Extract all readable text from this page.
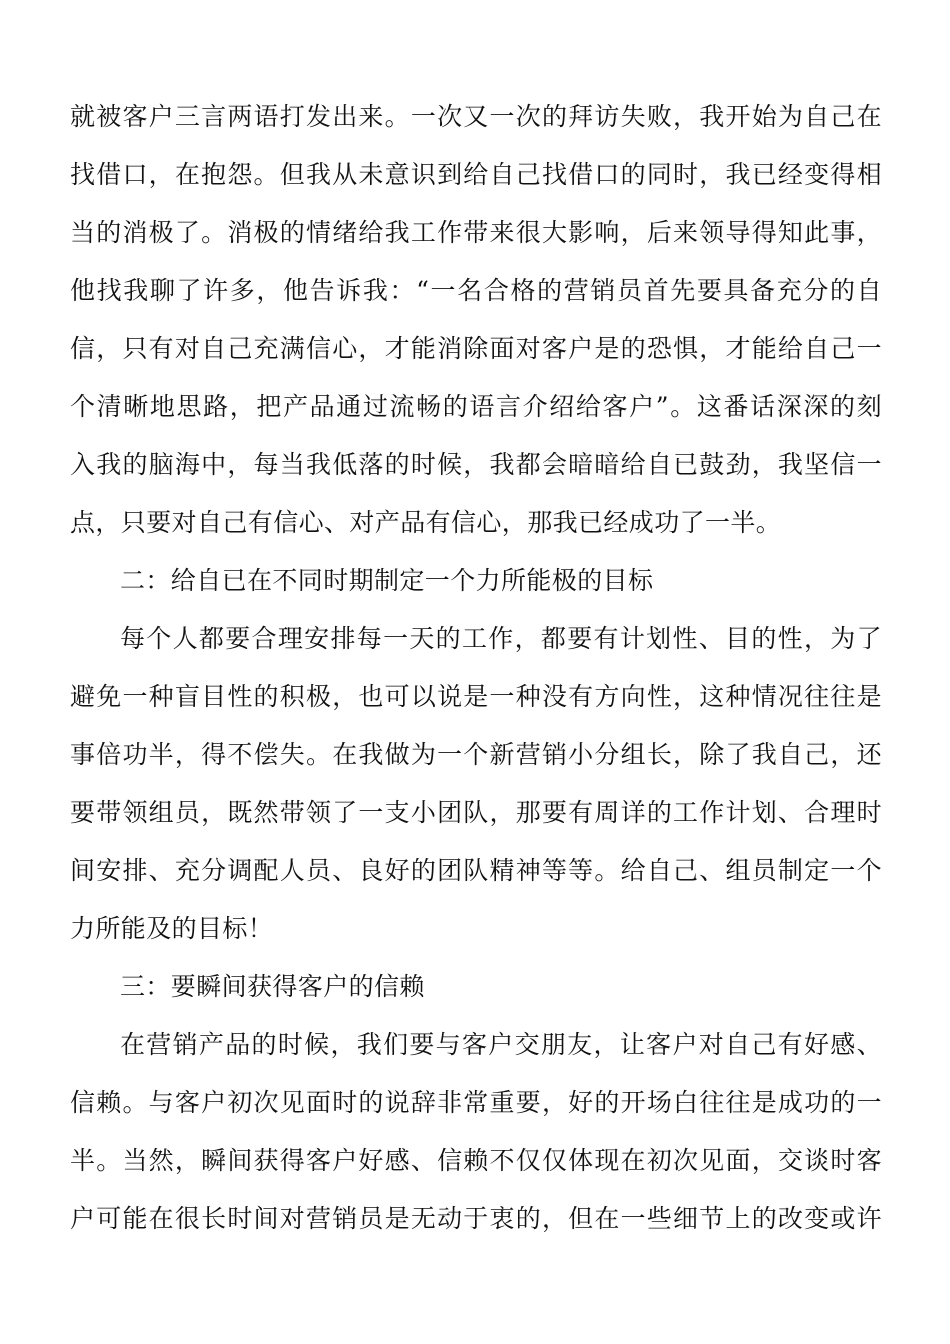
就被客户三言两语打发出来。一次又一次的拜访失败，我开始为自己在
找借口，在抱怨。但我从未意识到给自己找借口的同时，我已经变得相
当的消极了。消极的情绪给我工作带来很大影响，后来领导得知此事，
他找我聊了许多，他告诉我：“一名合格的营销员首先要具备充分的自
信，只有对自己充满信心，才能消除面对客户是的恐惧，才能给自己一
个清晰地思路，把产品通过流畅的语言介绍给客户”。这番话深深的刻
入我的脑海中，每当我低落的时候，我都会暗暗给自已鼓劲，我坚信一
点，只要对自己有信心、对产品有信心，那我已经成功了一半。
二：给自已在不同时期制定一个力所能极的目标
每个人都要合理安排每一天的工作，都要有计划性、目的性，为了
避免一种盲目性的积极，也可以说是一种没有方向性，这种情况往往是
事倍功半，得不偿失。在我做为一个新营销小分组长，除了我自己，还
要带领组员，既然带领了一支小团队，那要有周详的工作计划、合理时
间安排、充分调配人员、良好的团队精神等等。给自己、组员制定一个
力所能及的目标！
三：要瞬间获得客户的信赖
在营销产品的时候，我们要与客户交朋友，让客户对自己有好感、
信赖。与客户初次见面时的说辞非常重要，好的开场白往往是成功的一
半。当然，瞬间获得客户好感、信赖不仅仅体现在初次见面，交谈时客
户可能在很长时间对营销员是无动于衷的，但在一些细节上的改变或许
